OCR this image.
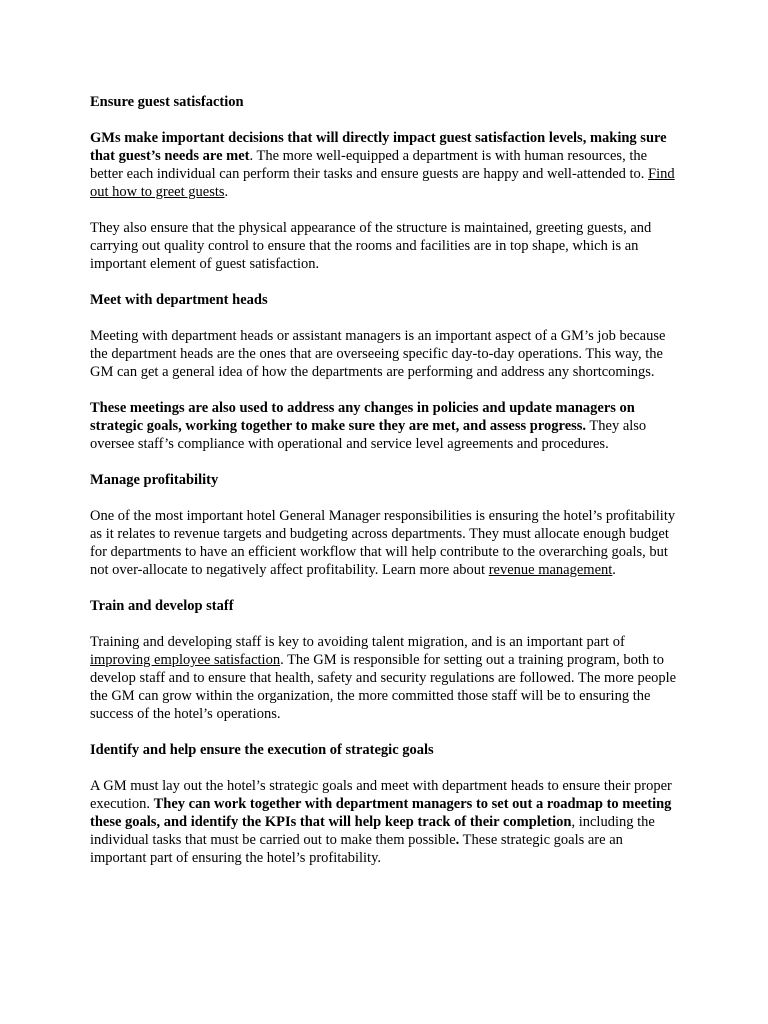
Ensure guest satisfaction

GMs make important decisions that will directly impact guest satisfaction levels, making sure that guest’s needs are met. The more well-equipped a department is with human resources, the better each individual can perform their tasks and ensure guests are happy and well-attended to. Find out how to greet guests.

They also ensure that the physical appearance of the structure is maintained, greeting guests, and carrying out quality control to ensure that the rooms and facilities are in top shape, which is an important element of guest satisfaction.

Meet with department heads

Meeting with department heads or assistant managers is an important aspect of a GM’s job because the department heads are the ones that are overseeing specific day-to-day operations. This way, the GM can get a general idea of how the departments are performing and address any shortcomings.

These meetings are also used to address any changes in policies and update managers on strategic goals, working together to make sure they are met, and assess progress. They also oversee staff’s compliance with operational and service level agreements and procedures.

Manage profitability

One of the most important hotel General Manager responsibilities is ensuring the hotel’s profitability as it relates to revenue targets and budgeting across departments. They must allocate enough budget for departments to have an efficient workflow that will help contribute to the overarching goals, but not over-allocate to negatively affect profitability. Learn more about revenue management.

Train and develop staff

Training and developing staff is key to avoiding talent migration, and is an important part of improving employee satisfaction. The GM is responsible for setting out a training program, both to develop staff and to ensure that health, safety and security regulations are followed. The more people the GM can grow within the organization, the more committed those staff will be to ensuring the success of the hotel’s operations.

Identify and help ensure the execution of strategic goals

A GM must lay out the hotel’s strategic goals and meet with department heads to ensure their proper execution. They can work together with department managers to set out a roadmap to meeting these goals, and identify the KPIs that will help keep track of their completion, including the individual tasks that must be carried out to make them possible. These strategic goals are an important part of ensuring the hotel’s profitability.
